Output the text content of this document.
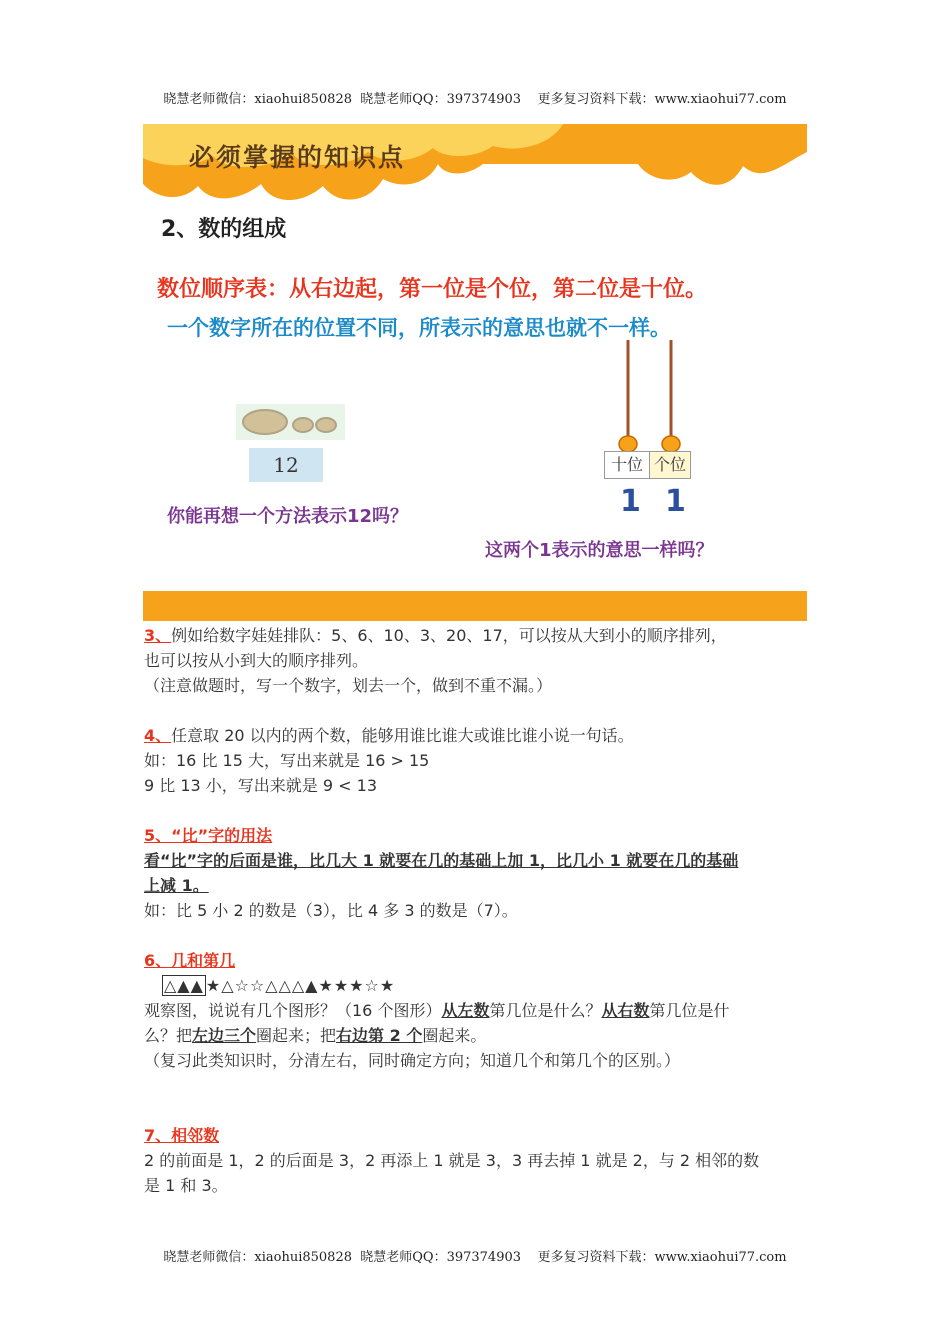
晓慧老师微信：xiaohui850828  晓慧老师QQ：397374903    更多复习资料下载：www.xiaohui77.com
必须掌握的知识点
2、数的组成
数位顺序表：从右边起，第一位是个位，第二位是十位。
一个数字所在的位置不同，所表示的意思也就不一样。
12
你能再想一个方法表示12吗？
十位 个位
1 1
这两个1表示的意思一样吗？

3、例如给数字娃娃排队：5、6、10、3、20、17，可以按从大到小的顺序排列，

也可以按从小到大的顺序排列。

（注意做题时，写一个数字，划去一个，做到不重不漏。）

4、任意取 20 以内的两个数，能够用谁比谁大或谁比谁小说一句话。

如：16 比 15 大，写出来就是 16 > 15

9 比 13 小，写出来就是 9 < 13

5、“比”字的用法

看“比”字的后面是谁，比几大 1 就要在几的基础上加 1，比几小 1 就要在几的基础

上减 1。

如：比 5 小 2 的数是（3），比 4 多 3 的数是（7）。

6、几和第几

△▲▲ ★△☆☆△△△▲★★★☆★

观察图，说说有几个图形？（16 个图形）从左数第几位是什么？从右数第几位是什

么？把左边三个圈起来；把右边第 2 个圈起来。

（复习此类知识时，分清左右，同时确定方向；知道几个和第几个的区别。）

7、相邻数

2 的前面是 1，2 的后面是 3，2 再添上 1 就是 3，3 再去掉 1 就是 2，与 2 相邻的数

是 1 和 3。

晓慧老师微信：xiaohui850828  晓慧老师QQ：397374903    更多复习资料下载：www.xiaohui77.com
